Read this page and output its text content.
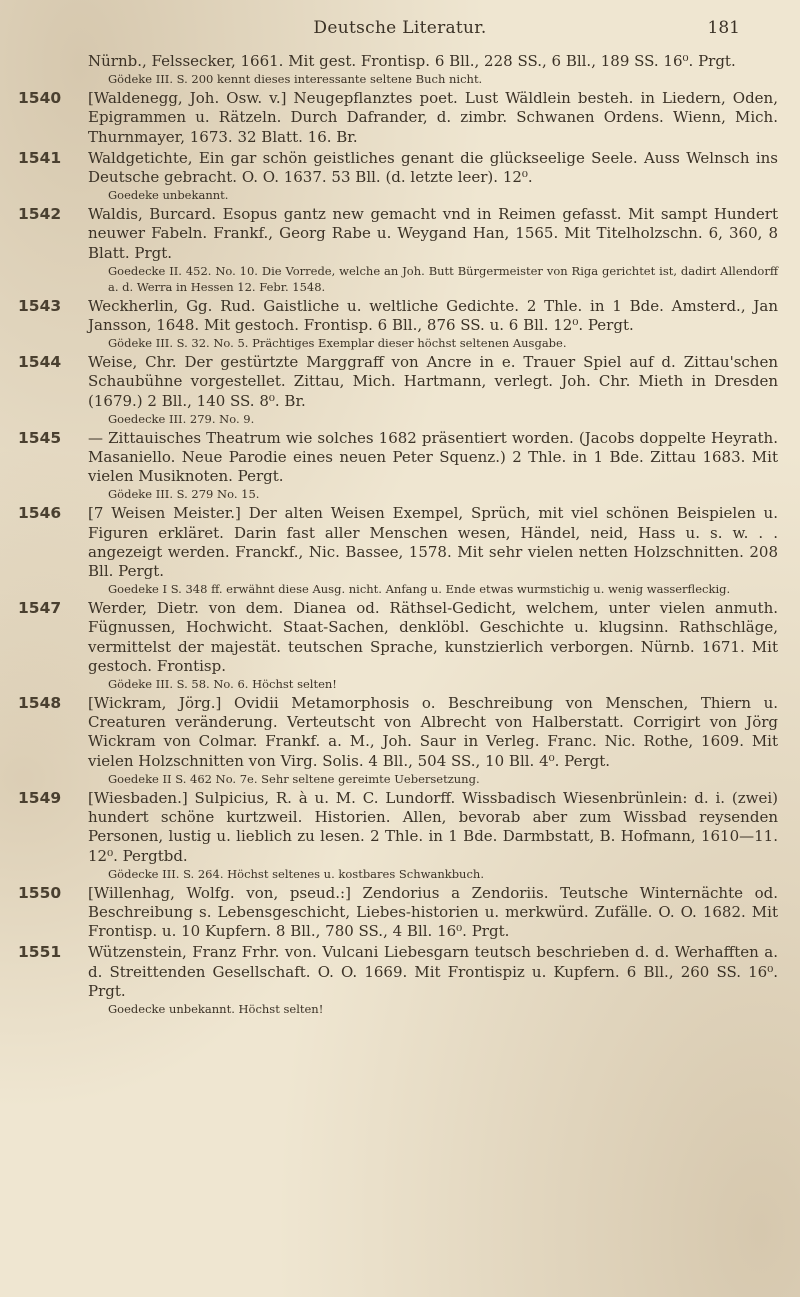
Deutsche Literatur.	181
Nürnb., Felssecker, 1661. Mit gest. Frontisp. 6 Bll., 228 SS., 6 Bll., 189 SS. 16⁰. Prgt.
Gödeke III. S. 200 kennt dieses interessante seltene Buch nicht.
1540	[Waldenegg, Joh. Osw. v.] Neugepflanztes poet. Lust Wäldlein besteh. in Liedern, Oden, Epigrammen u. Rätzeln. Durch Dafrander, d. zimbr. Schwanen Ordens. Wienn, Mich. Thurnmayer, 1673. 32 Blatt. 16. Br.
1541	Waldgetichte, Ein gar schön geistliches genant die glückseelige Seele. Auss Welnsch ins Deutsche gebracht. O. O. 1637. 53 Bll. (d. letzte leer). 12⁰.
Goedeke unbekannt.
1542	Waldis, Burcard. Esopus gantz new gemacht vnd in Reimen gefasst. Mit sampt Hundert neuwer Fabeln. Frankf., Georg Rabe u. Weygand Han, 1565. Mit Titelholzschn. 6, 360, 8 Blatt. Prgt.
Goedecke II. 452. No. 10. Die Vorrede, welche an Joh. Butt Bürgermeister von Riga gerichtet ist, dadirt Allendorff a. d. Werra in Hessen 12. Febr. 1548.
1543	Weckherlin, Gg. Rud. Gaistliche u. weltliche Gedichte. 2 Thle. in 1 Bde. Amsterd., Jan Jansson, 1648. Mit gestoch. Frontisp. 6 Bll., 876 SS. u. 6 Bll. 12⁰. Pergt.
Gödeke III. S. 32. No. 5. Prächtiges Exemplar dieser höchst seltenen Ausgabe.
1544	Weise, Chr. Der gestürtzte Marggraff von Ancre in e. Trauer Spiel auf d. Zittau'schen Schaubühne vorgestellet. Zittau, Mich. Hartmann, verlegt. Joh. Chr. Mieth in Dresden (1679.) 2 Bll., 140 SS. 8⁰. Br.
Goedecke III. 279. No. 9.
1545	— Zittauisches Theatrum wie solches 1682 präsentiert worden. (Jacobs doppelte Heyrath. Masaniello. Neue Parodie eines neuen Peter Squenz.) 2 Thle. in 1 Bde. Zittau 1683. Mit vielen Musiknoten. Pergt.
Gödeke III. S. 279 No. 15.
1546	[7 Weisen Meister.] Der alten Weisen Exempel, Sprüch, mit viel schönen Beispielen u. Figuren erkläret. Darin fast aller Menschen wesen, Händel, neid, Hass u. s. w. . . angezeigt werden. Franckf., Nic. Bassee, 1578. Mit sehr vielen netten Holzschnitten. 208 Bll. Pergt.
Goedeke I S. 348 ff. erwähnt diese Ausg. nicht. Anfang u. Ende etwas wurmstichig u. wenig wasserfleckig.
1547	Werder, Dietr. von dem. Dianea od. Räthsel-Gedicht, welchem, unter vielen anmuth. Fügnussen, Hochwicht. Staat-Sachen, denklöbl. Geschichte u. klugsinn. Rathschläge, vermittelst der majestät. teutschen Sprache, kunstzierlich verborgen. Nürnb. 1671. Mit gestoch. Frontisp.
Gödeke III. S. 58. No. 6. Höchst selten!
1548	[Wickram, Jörg.] Ovidii Metamorphosis o. Beschreibung von Menschen, Thiern u. Creaturen veränderung. Verteutscht von Albrecht von Halberstatt. Corrigirt von Jörg Wickram von Colmar. Frankf. a. M., Joh. Saur in Verleg. Franc. Nic. Rothe, 1609. Mit vielen Holzschnitten von Virg. Solis. 4 Bll., 504 SS., 10 Bll. 4⁰. Pergt.
Goedeke II S. 462 No. 7e. Sehr seltene gereimte Uebersetzung.
1549	[Wiesbaden.] Sulpicius, R. à u. M. C. Lundorff. Wissbadisch Wiesenbrünlein: d. i. (zwei) hundert schöne kurtzweil. Historien. Allen, bevorab aber zum Wissbad reysenden Personen, lustig u. lieblich zu lesen. 2 Thle. in 1 Bde. Darmbstatt, B. Hofmann, 1610—11. 12⁰. Pergtbd.
Gödecke III. S. 264. Höchst seltenes u. kostbares Schwankbuch.
1550	[Willenhag, Wolfg. von, pseud.:] Zendorius a Zendoriis. Teutsche Winternächte od. Beschreibung s. Lebensgeschicht, Liebes-historien u. merkwürd. Zufälle. O. O. 1682. Mit Frontisp. u. 10 Kupfern. 8 Bll., 780 SS., 4 Bll. 16⁰. Prgt.
1551	Wützenstein, Franz Frhr. von. Vulcani Liebesgarn teutsch beschrieben d. d. Werhafften a. d. Streittenden Gesellschaft. O. O. 1669. Mit Frontispiz u. Kupfern. 6 Bll., 260 SS. 16⁰. Prgt.
Goedecke unbekannt. Höchst selten!
